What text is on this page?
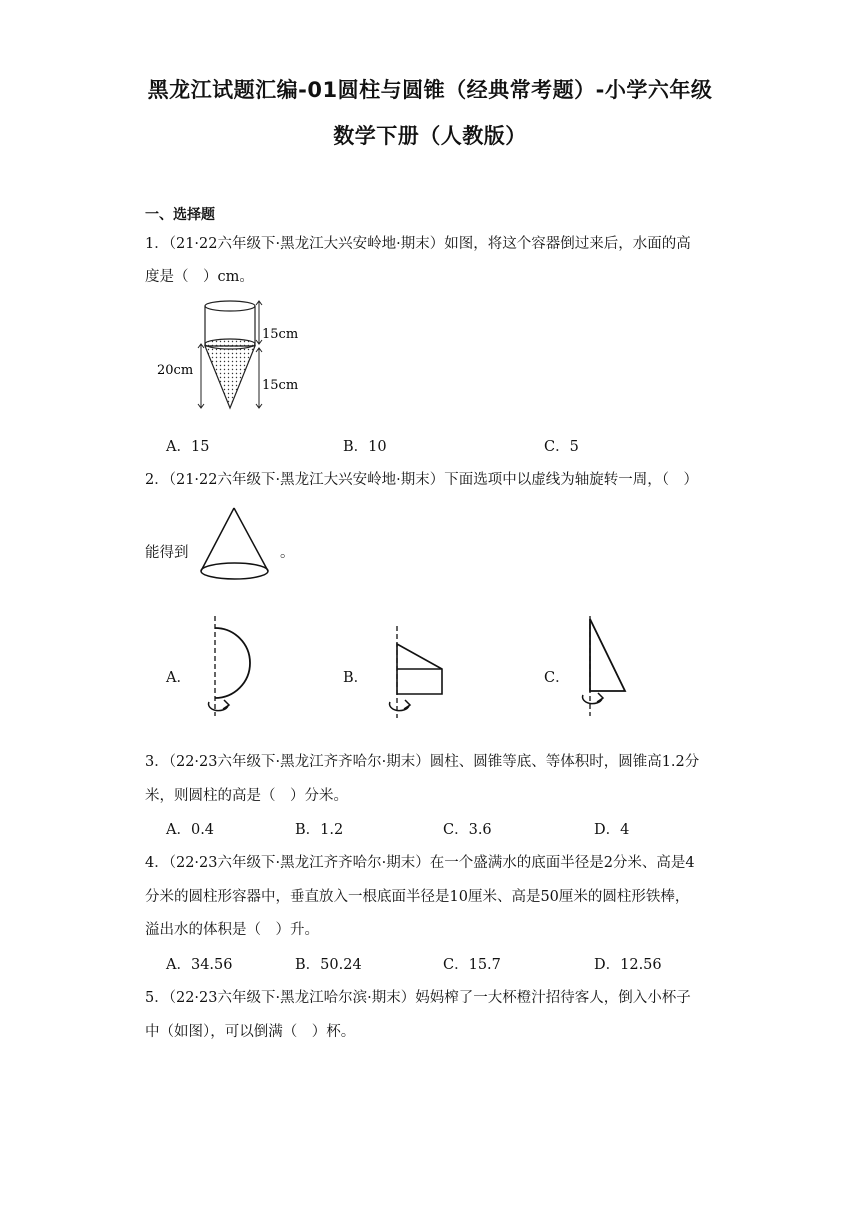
黑龙江试题汇编-01圆柱与圆锥（经典常考题）-小学六年级
数学下册（人教版）
一、选择题
1．（21·22六年级下·黑龙江大兴安岭地·期末）如图，将这个容器倒过来后，水面的高
度是（　）cm。
15cm
15cm
20cm
A．15	B．10	C．5
2．（21·22六年级下·黑龙江大兴安岭地·期末）下面选项中以虚线为轴旋转一周，（　）
能得到	。
A．	B．	C．
3．（22·23六年级下·黑龙江齐齐哈尔·期末）圆柱、圆锥等底、等体积时，圆锥高1.2分
米，则圆柱的高是（　）分米。
A．0.4	B．1.2	C．3.6	D．4
4．（22·23六年级下·黑龙江齐齐哈尔·期末）在一个盛满水的底面半径是2分米、高是4
分米的圆柱形容器中，垂直放入一根底面半径是10厘米、高是50厘米的圆柱形铁棒，
溢出水的体积是（　）升。
A．34.56	B．50.24	C．15.7	D．12.56
5．（22·23六年级下·黑龙江哈尔滨·期末）妈妈榨了一大杯橙汁招待客人，倒入小杯子
中（如图），可以倒满（　）杯。
